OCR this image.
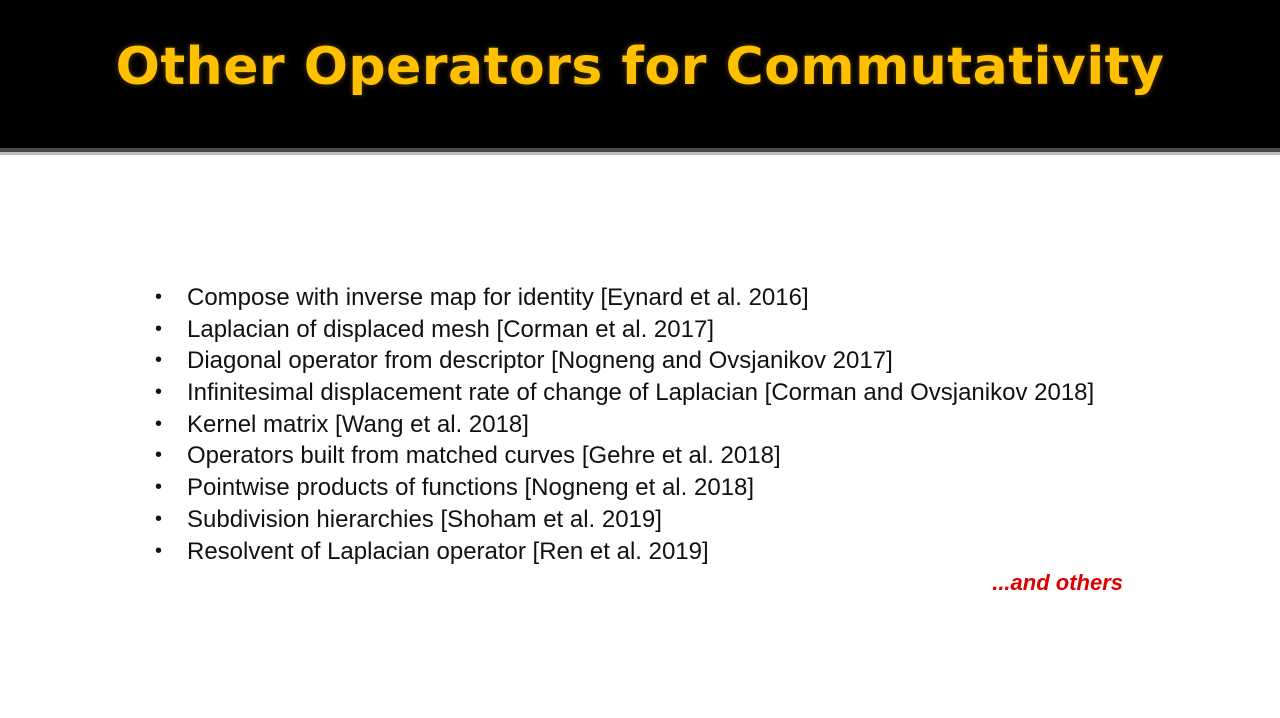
Other Operators for Commutativity
• Compose with inverse map for identity [Eynard et al. 2016]
• Laplacian of displaced mesh [Corman et al. 2017]
• Diagonal operator from descriptor [Nogneng and Ovsjanikov 2017]
• Infinitesimal displacement rate of change of Laplacian [Corman and Ovsjanikov 2018]
• Kernel matrix [Wang et al. 2018]
• Operators built from matched curves [Gehre et al. 2018]
• Pointwise products of functions [Nogneng et al. 2018]
• Subdivision hierarchies [Shoham et al. 2019]
• Resolvent of Laplacian operator [Ren et al. 2019]
...and others
